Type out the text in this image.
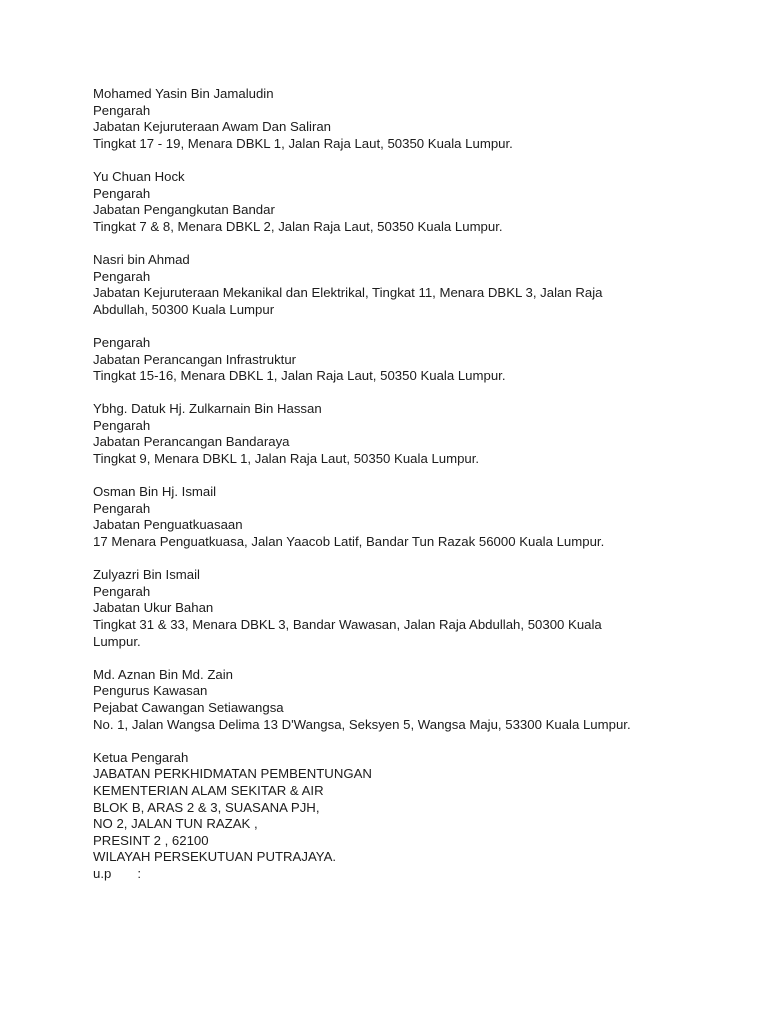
Mohamed Yasin Bin Jamaludin
Pengarah
Jabatan Kejuruteraan Awam Dan Saliran
Tingkat 17 - 19, Menara DBKL 1, Jalan Raja Laut, 50350 Kuala Lumpur.
Yu Chuan Hock
Pengarah
Jabatan Pengangkutan Bandar
Tingkat 7 & 8, Menara DBKL 2, Jalan Raja Laut, 50350 Kuala Lumpur.
Nasri bin Ahmad
Pengarah
Jabatan Kejuruteraan Mekanikal dan Elektrikal, Tingkat 11, Menara DBKL 3, Jalan Raja
Abdullah, 50300 Kuala Lumpur
Pengarah
Jabatan Perancangan Infrastruktur
Tingkat 15-16, Menara DBKL 1, Jalan Raja Laut, 50350 Kuala Lumpur.
Ybhg. Datuk Hj. Zulkarnain Bin Hassan
Pengarah
Jabatan Perancangan Bandaraya
Tingkat 9, Menara DBKL 1, Jalan Raja Laut, 50350 Kuala Lumpur.
Osman Bin Hj. Ismail
Pengarah
Jabatan Penguatkuasaan
17 Menara Penguatkuasa, Jalan Yaacob Latif, Bandar Tun Razak 56000 Kuala Lumpur.
Zulyazri Bin Ismail
Pengarah
Jabatan Ukur Bahan
Tingkat 31 & 33, Menara DBKL 3, Bandar Wawasan, Jalan Raja Abdullah, 50300 Kuala
Lumpur.
Md. Aznan Bin Md. Zain
Pengurus Kawasan
Pejabat Cawangan Setiawangsa
No. 1, Jalan Wangsa Delima 13 D'Wangsa, Seksyen 5, Wangsa Maju, 53300 Kuala Lumpur.
Ketua Pengarah
JABATAN PERKHIDMATAN PEMBENTUNGAN
KEMENTERIAN ALAM SEKITAR & AIR
BLOK B, ARAS 2 & 3, SUASANA PJH,
NO 2, JALAN TUN RAZAK ,
PRESINT 2 , 62100
WILAYAH PERSEKUTUAN PUTRAJAYA.
u.p :
